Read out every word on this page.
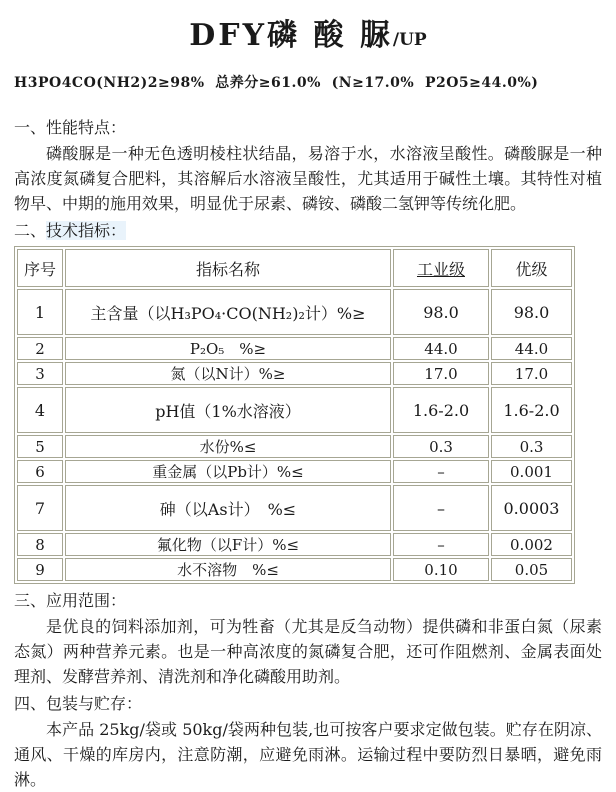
DFY磷 酸 脲/UP
H3PO4CO(NH2)2≥98%  总养分≥61.0%  (N≥17.0%  P2O5≥44.0%)
一、性能特点：

磷酸脲是一种无色透明棱柱状结晶，易溶于水，水溶液呈酸性。磷酸脲是一种高浓度氮磷复合肥料，其溶解后水溶液呈酸性，尤其适用于碱性土壤。其特性对植物早、中期的施用效果，明显优于尿素、磷铵、磷酸二氢钾等传统化肥。

二、技术指标：
序号	指标名称	工业级	优级
1	主含量（以H₃PO₄·CO(NH₂)₂计）%≥	98.0	98.0
2	P₂O₅　%≥	44.0	44.0
3	氮（以N计）%≥	17.0	17.0
4	pH值（1%水溶液）	1.6-2.0	1.6-2.0
5	水份%≤	0.3	0.3
6	重金属（以Pb计）%≤	–	0.001
7	砷（以As计）　%≤	–	0.0003
8	氟化物（以F计）%≤	–	0.002
9	水不溶物　%≤	0.10	0.05
三、应用范围：

是优良的饲料添加剂，可为牲畜（尤其是反刍动物）提供磷和非蛋白氮（尿素态氮）两种营养元素。也是一种高浓度的氮磷复合肥，还可作阻燃剂、金属表面处理剂、发酵营养剂、清洗剂和净化磷酸用助剂。

四、包装与贮存：

本产品 25kg/袋或 50kg/袋两种包装,也可按客户要求定做包装。贮存在阴凉、通风、干燥的库房内，注意防潮，应避免雨淋。运输过程中要防烈日暴晒，避免雨淋。
